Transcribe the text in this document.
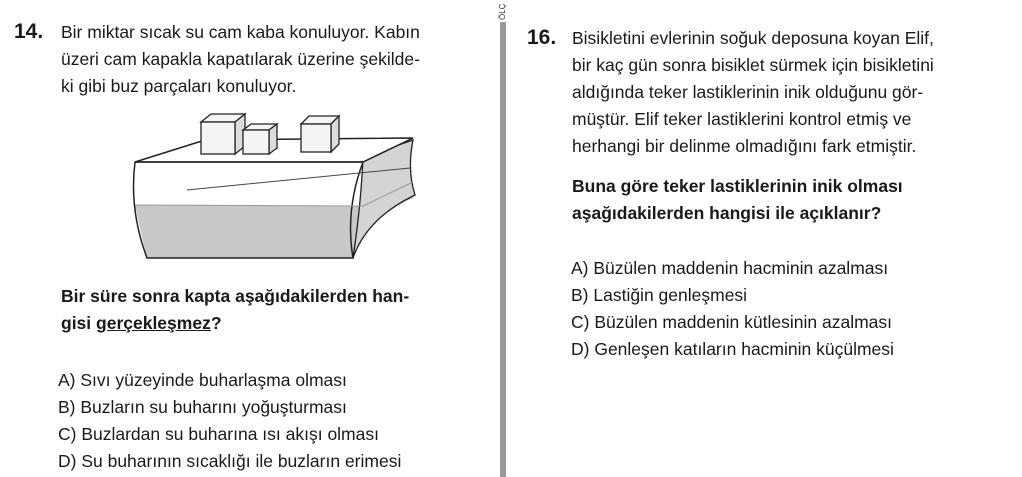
14. Bir miktar sıcak su cam kaba konuluyor. Kabın
üzeri cam kapakla kapatılarak üzerine şekilde-
ki gibi buz parçaları konuluyor.
Bir süre sonra kapta aşağıdakilerden han-
gisi gerçekleşmez?
A) Sıvı yüzeyinde buharlaşma olması
B) Buzların su buharını yoğuşturması
C) Buzlardan su buharına ısı akışı olması
D) Su buharının sıcaklığı ile buzların erimesi
ÖLÇ
16. Bisikletini evlerinin soğuk deposuna koyan Elif,
bir kaç gün sonra bisiklet sürmek için bisikletini
aldığında teker lastiklerinin inik olduğunu gör-
müştür. Elif teker lastiklerini kontrol etmiş ve
herhangi bir delinme olmadığını fark etmiştir.
Buna göre teker lastiklerinin inik olması
aşağıdakilerden hangisi ile açıklanır?
A) Büzülen maddenin hacminin azalması
B) Lastiğin genleşmesi
C) Büzülen maddenin kütlesinin azalması
D) Genleşen katıların hacminin küçülmesi
